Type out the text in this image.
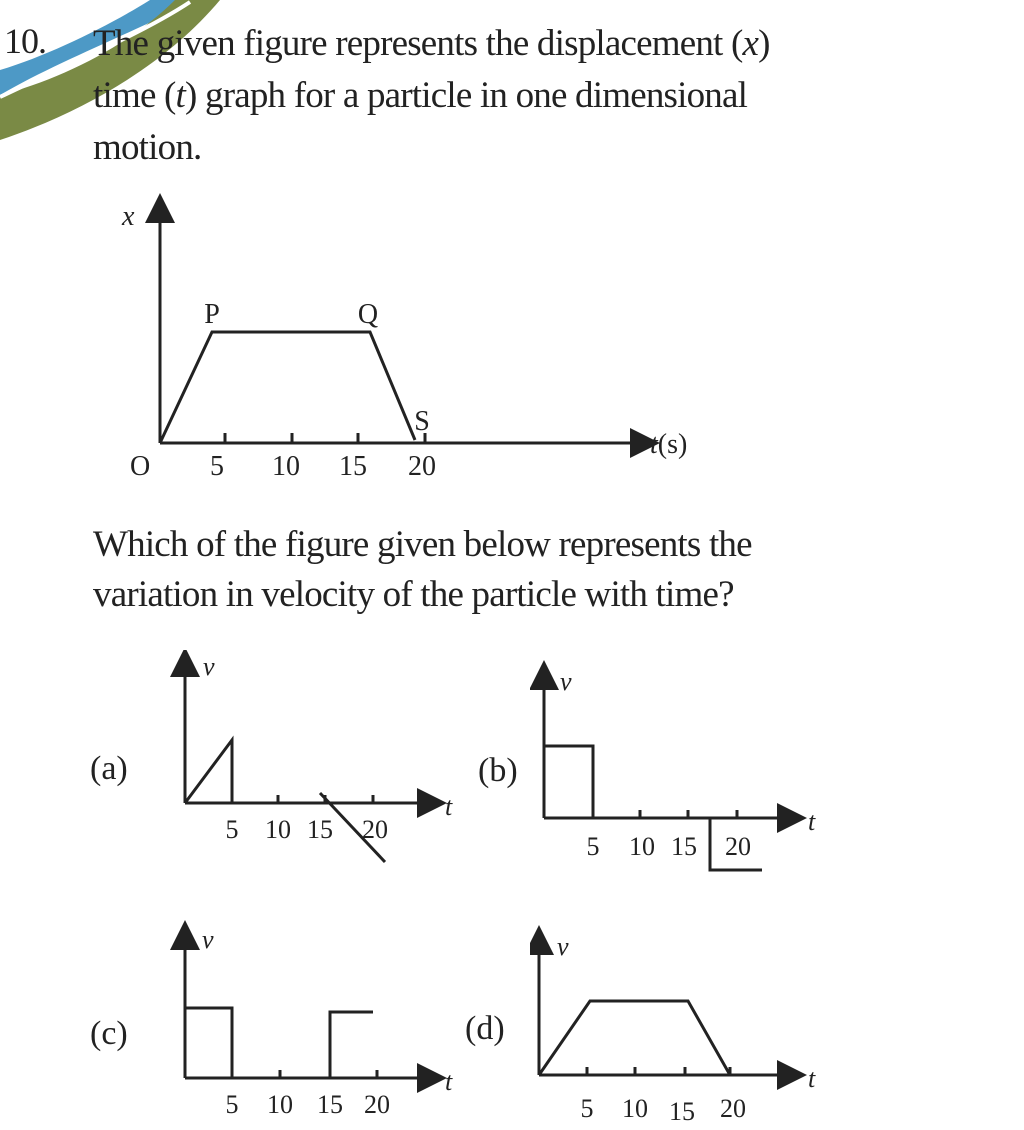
10. The given figure represents the displacement (x)
time (t) graph for a particle in one dimensional
motion.
x
t(s)
O 5 10 15 20
P	Q
S
Which of the figure given below represents the
variation in velocity of the particle with time?
(a)
v
t
5 10 15 20
(b)
v
t
5 10 15 20
(c)
v
t
5 10 15 20
(d)
v
t
5 10 15 20
